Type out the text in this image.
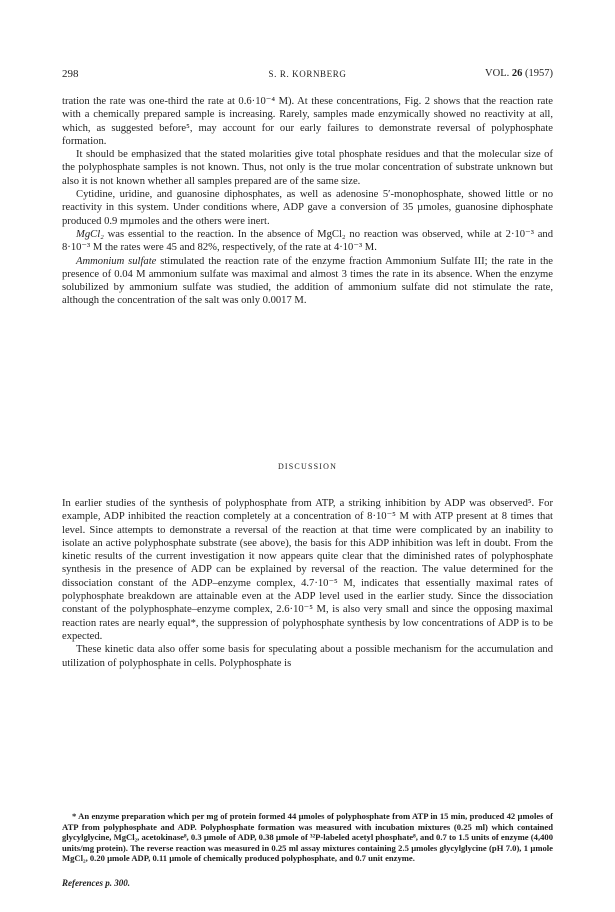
298	S. R. KORNBERG	VOL. 26 (1957)

tration the rate was one-third the rate at 0.6·10⁻⁴ M). At these concentrations, Fig. 2 shows that the reaction rate with a chemically prepared sample is increasing. Rarely, samples made enzymically showed no reactivity at all, which, as suggested before⁵, may account for our early failures to demonstrate reversal of polyphosphate formation.

It should be emphasized that the stated molarities give total phosphate residues and that the molecular size of the polyphosphate samples is not known. Thus, not only is the true molar concentration of substrate unknown but also it is not known whether all samples prepared are of the same size.

Cytidine, uridine, and guanosine diphosphates, as well as adenosine 5′-monophosphate, showed little or no reactivity in this system. Under conditions where, ADP gave a conversion of 35 µmoles, guanosine diphosphate produced 0.9 mµmoles and the others were inert.

MgCl₂ was essential to the reaction. In the absence of MgCl₂ no reaction was observed, while at 2·10⁻³ and 8·10⁻³ M the rates were 45 and 82%, respectively, of the rate at 4·10⁻³ M.

Ammonium sulfate stimulated the reaction rate of the enzyme fraction Ammonium Sulfate III; the rate in the presence of 0.04 M ammonium sulfate was maximal and almost 3 times the rate in its absence. When the enzyme solubilized by ammonium sulfate was studied, the addition of ammonium sulfate did not stimulate the rate, although the concentration of the salt was only 0.0017 M.

DISCUSSION

In earlier studies of the synthesis of polyphosphate from ATP, a striking inhibition by ADP was observed⁵. For example, ADP inhibited the reaction completely at a concentration of 8·10⁻⁵ M with ATP present at 8 times that level. Since attempts to demonstrate a reversal of the reaction at that time were complicated by an inability to isolate an active polyphosphate substrate (see above), the basis for this ADP inhibition was left in doubt. From the kinetic results of the current investigation it now appears quite clear that the diminished rates of polyphosphate synthesis in the presence of ADP can be explained by reversal of the reaction. The value determined for the dissociation constant of the ADP–enzyme complex, 4.7·10⁻⁵ M, indicates that essentially maximal rates of polyphosphate breakdown are attainable even at the ADP level used in the earlier study. Since the dissociation constant of the polyphosphate–enzyme complex, 2.6·10⁻⁵ M, is also very small and since the opposing maximal reaction rates are nearly equal*, the suppression of polyphosphate synthesis by low concentrations of ADP is to be expected.

These kinetic data also offer some basis for speculating about a possible mechanism for the accumulation and utilization of polyphosphate in cells. Polyphosphate is

* An enzyme preparation which per mg of protein formed 44 µmoles of polyphosphate from ATP in 15 min, produced 42 µmoles of ATP from polyphosphate and ADP. Polyphosphate formation was measured with incubation mixtures (0.25 ml) which contained glycylglycine, MgCl₂, acetokinase⁸, 0.3 µmole of ADP, 0.38 µmole of ³²P-labeled acetyl phosphate⁸, and 0.7 to 1.5 units of enzyme (4,400 units/mg protein). The reverse reaction was measured in 0.25 ml assay mixtures containing 2.5 µmoles glycylglycine (pH 7.0), 1 µmole MgCl₂, 0.20 µmole ADP, 0.11 µmole of chemically produced polyphosphate, and 0.7 unit enzyme.

References p. 300.
